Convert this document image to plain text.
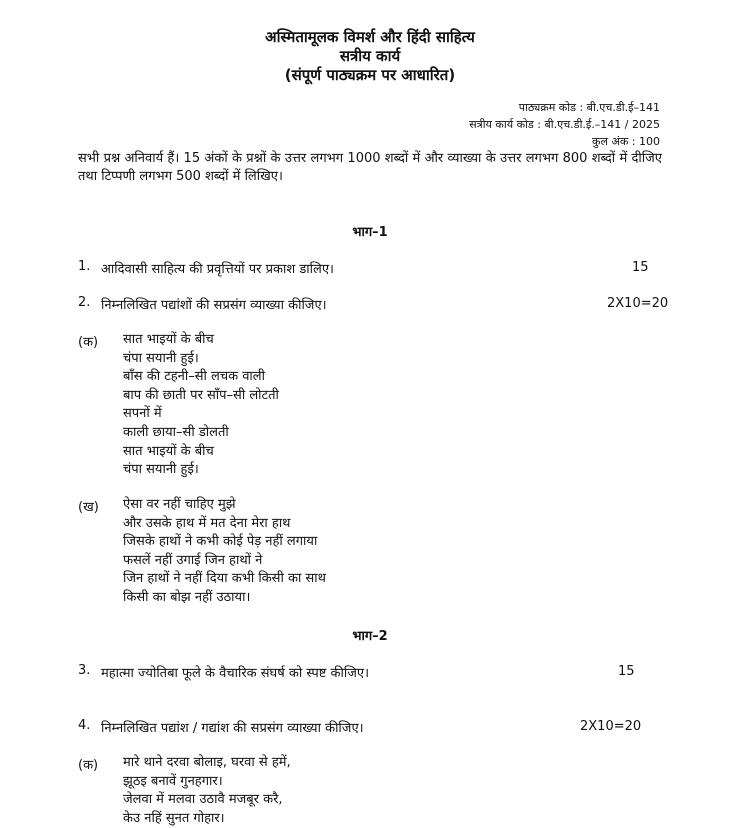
अस्मितामूलक विमर्श और हिंदी साहित्य
सत्रीय कार्य
(संपूर्ण पाठ्यक्रम पर आधारित)
पाठ्यक्रम कोड : बी.एच.डी.ई–141
सत्रीय कार्य कोड : बी.एच.डी.ई.–141 / 2025
कुल अंक : 100
सभी प्रश्न अनिवार्य हैं। 15 अंकों के प्रश्नों के उत्तर लगभग 1000 शब्दों में और व्याख्या के उत्तर लगभग 800 शब्दों में दीजिए तथा टिप्पणी लगभग 500 शब्दों में लिखिए।
भाग–1
1. आदिवासी साहित्य की प्रवृत्तियों पर प्रकाश डालिए।	15
2. निम्नलिखित पद्यांशों की सप्रसंग व्याख्या कीजिए।	2X10=20
(क) सात भाइयों के बीच
चंपा सयानी हुई।
बाँस की टहनी–सी लचक वाली
बाप की छाती पर साँप–सी लोटती
सपनों में
काली छाया–सी डोलती
सात भाइयों के बीच
चंपा सयानी हुई।
(ख) ऐसा वर नहीं चाहिए मुझे
और उसके हाथ में मत देना मेरा हाथ
जिसके हाथों ने कभी कोई पेड़ नहीं लगाया
फसलें नहीं उगाई जिन हाथों ने
जिन हाथों ने नहीं दिया कभी किसी का साथ
किसी का बोझ नहीं उठाया।
भाग–2
3. महात्मा ज्योतिबा फूले के वैचारिक संघर्ष को स्पष्ट कीजिए।	15
4. निम्नलिखित पद्यांश / गद्यांश की सप्रसंग व्याख्या कीजिए।	2X10=20
(क) मारे थाने दरवा बोलाइ, घरवा से हमें,
झूठइ बनावें गुनहगार।
जेलवा में मलवा उठावै मजबूर करै,
केउ नहिं सुनत गोहार।
